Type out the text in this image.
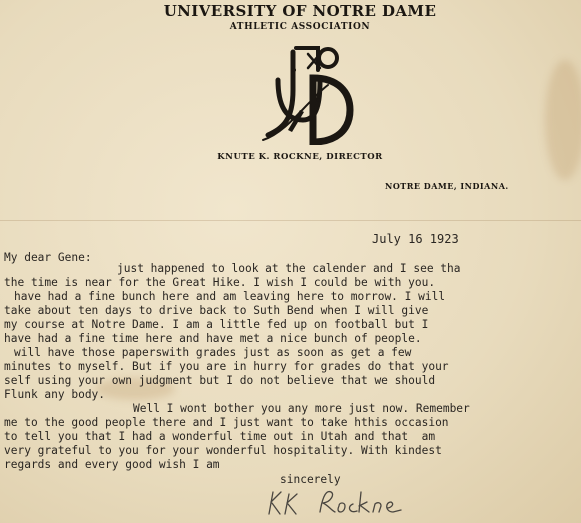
UNIVERSITY OF NOTRE DAME
ATHLETIC ASSOCIATION
KNUTE K. ROCKNE, DIRECTOR
NOTRE DAME, INDIANA.
July 16 1923
My dear Gene:
just happened to look at the calender and I see tha
the time is near for the Great Hike. I wish I could be with you.
have had a fine bunch here and am leaving here to morrow. I will
take about ten days to drive back to Suth Bend when I will give
my course at Notre Dame. I am a little fed up on football but I
have had a fine time here and have met a nice bunch of people.
will have those paperswith grades just as soon as get a few
minutes to myself. But if you are in hurry for grades do that your
self using your own judgment but I do not believe that we should
Flunk any body.
Well I wont bother you any more just now. Remember
me to the good people there and I just want to take hthis occasion
to tell you that I had a wonderful time out in Utah and that  am
very grateful to you for your wonderful hospitality. With kindest
regards and every good wish I am
sincerely
